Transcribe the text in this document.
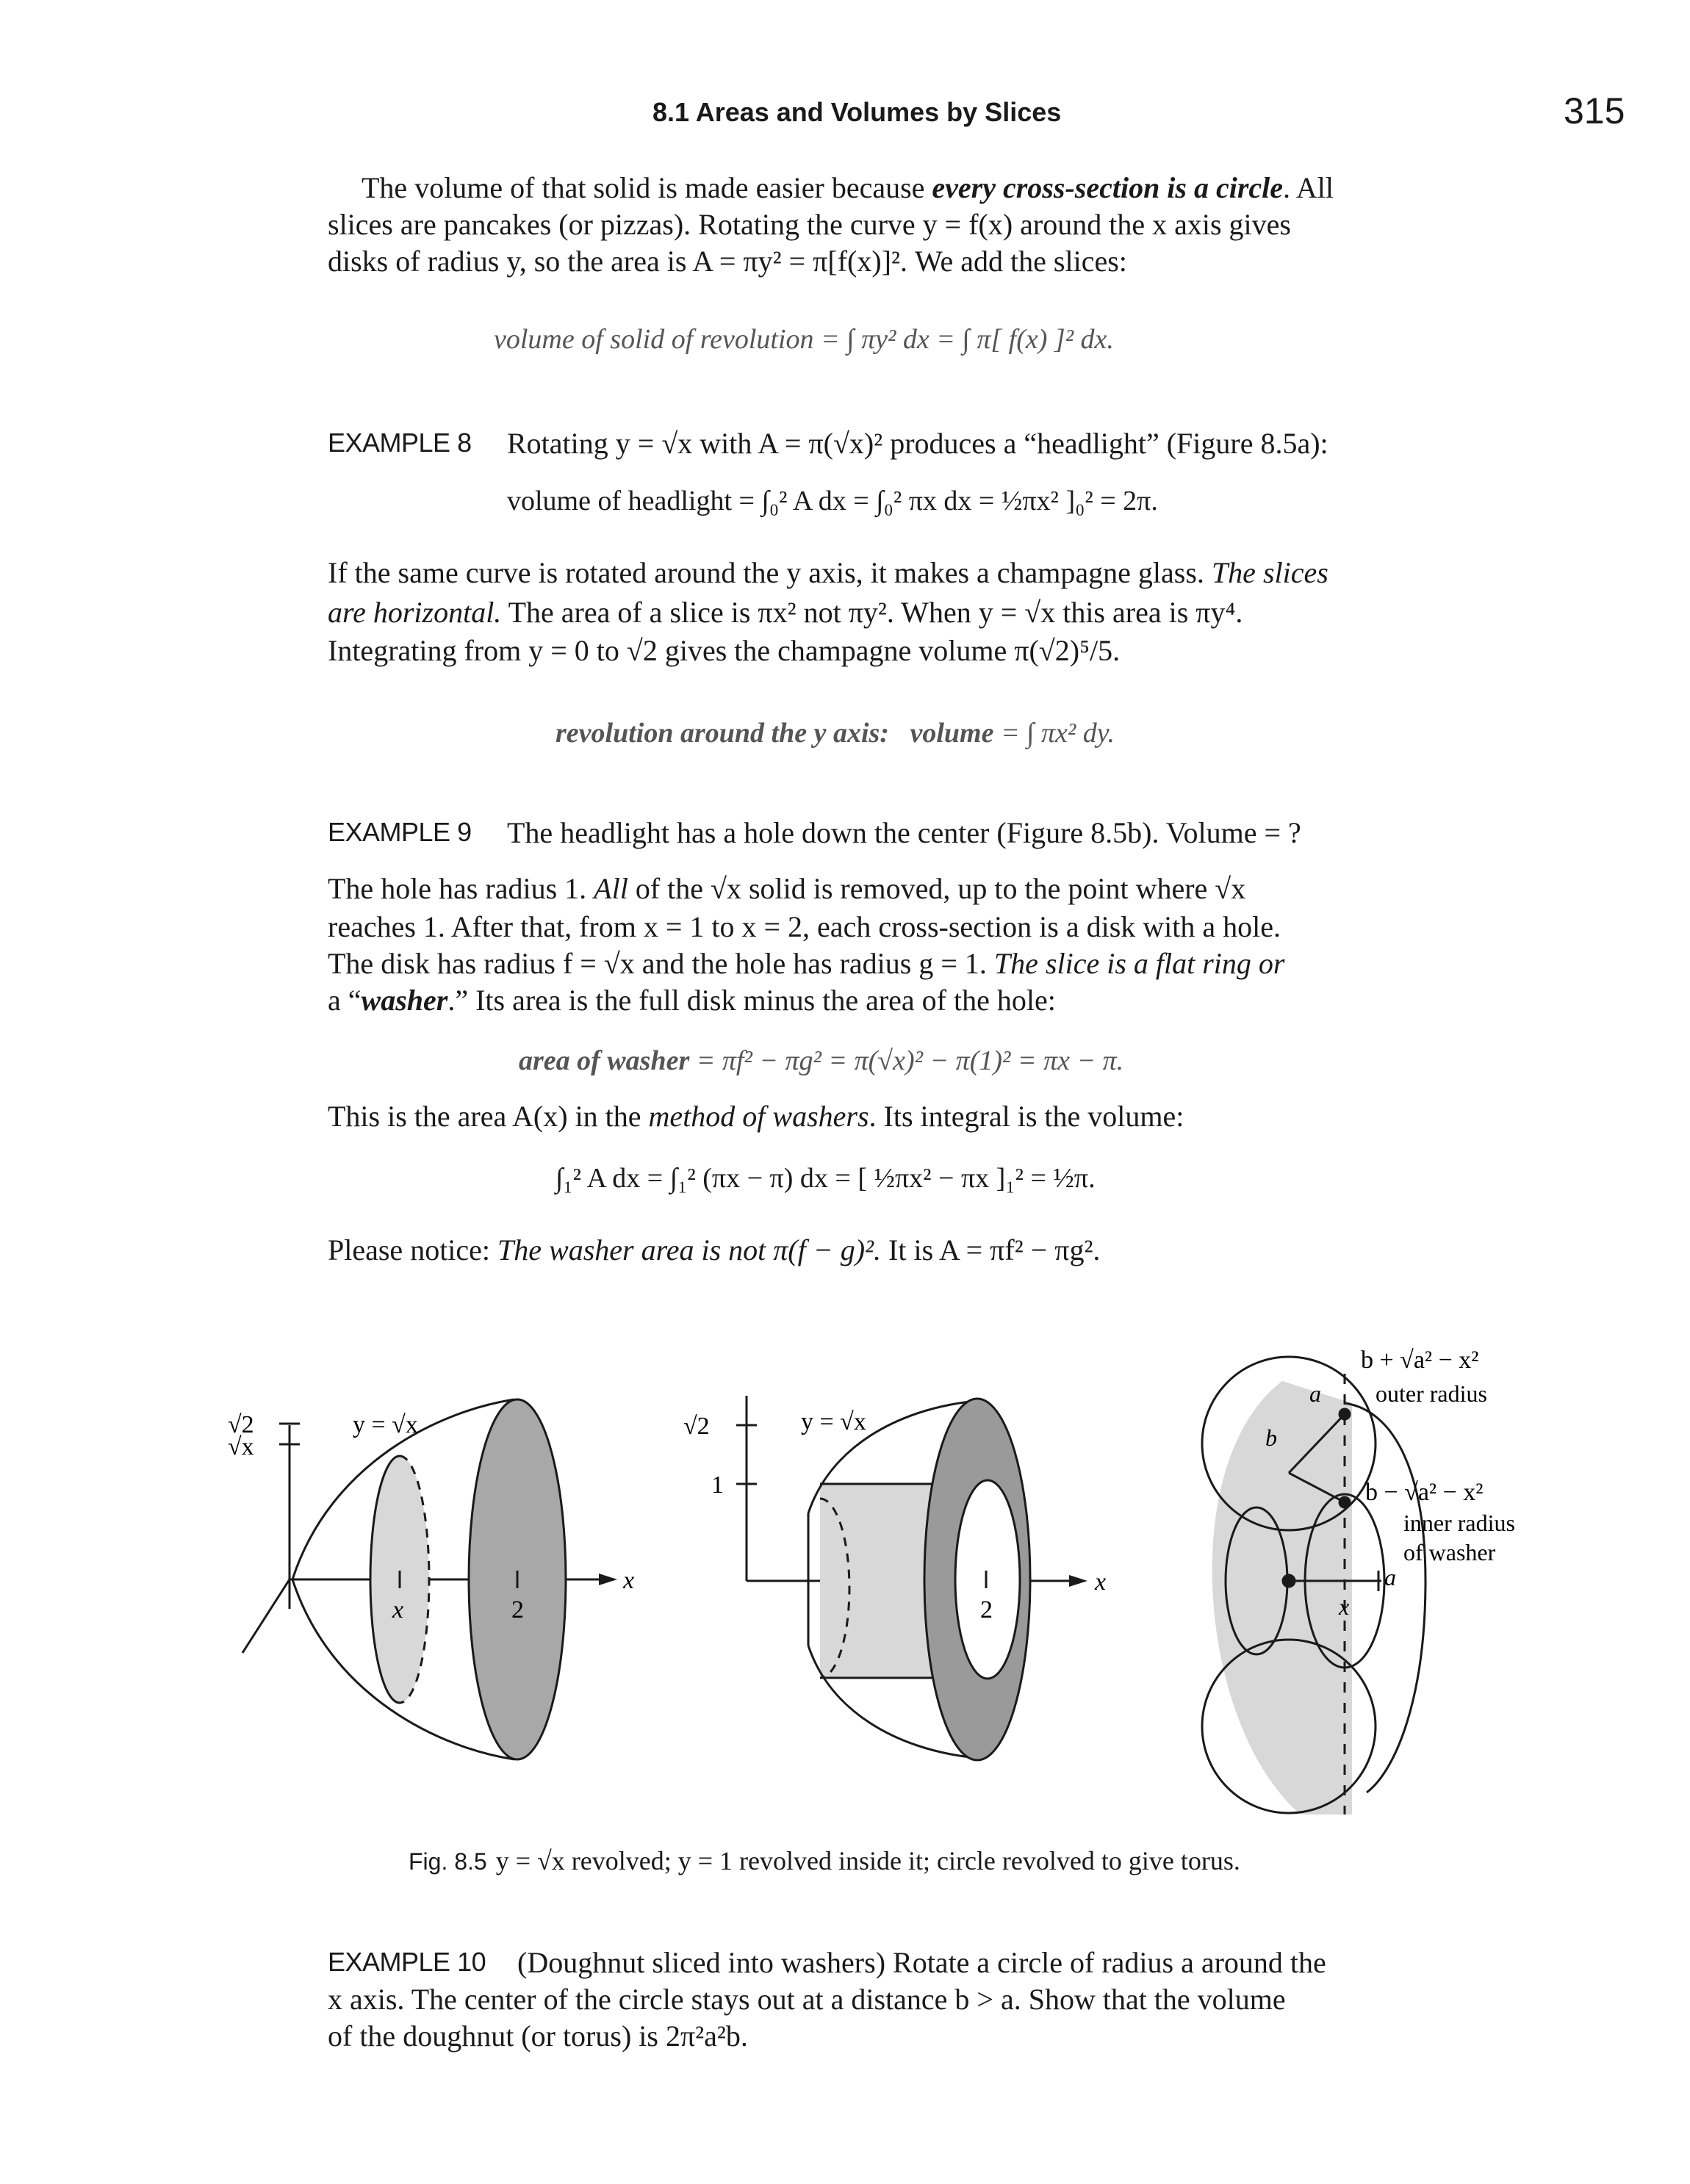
8.1 Areas and Volumes by Slices	315
The volume of that solid is made easier because every cross-section is a circle. All
slices are pancakes (or pizzas). Rotating the curve y = f(x) around the x axis gives
disks of radius y, so the area is A = πy² = π[f(x)]². We add the slices:
volume of solid of revolution = ∫ πy² dx = ∫ π[ f(x) ]² dx.
EXAMPLE 8 Rotating y = √x with A = π(√x)² produces a “headlight” (Figure 8.5a):
volume of headlight = ∫₀² A dx = ∫₀² πx dx = ½πx² ]₀² = 2π.
If the same curve is rotated around the y axis, it makes a champagne glass. The slices
are horizontal. The area of a slice is πx² not πy². When y = √x this area is πy⁴.
Integrating from y = 0 to √2 gives the champagne volume π(√2)⁵/5.
revolution around the y axis: volume = ∫ πx² dy.
EXAMPLE 9 The headlight has a hole down the center (Figure 8.5b). Volume = ?
The hole has radius 1. All of the √x solid is removed, up to the point where √x
reaches 1. After that, from x = 1 to x = 2, each cross-section is a disk with a hole.
The disk has radius f = √x and the hole has radius g = 1. The slice is a flat ring or
a “washer.” Its area is the full disk minus the area of the hole:
area of washer = πf² − πg² = π(√x)² − π(1)² = πx − π.
This is the area A(x) in the method of washers. Its integral is the volume:
∫₁² A dx = ∫₁² (πx − π) dx = [ ½πx² − πx ]₁² = ½π.
Please notice: The washer area is not π(f − g)². It is A = πf² − πg².
√2
√x
y = √x
x	2
x
√2
1
y = √x
2
x
b + √a² − x²
outer radius
b − √a² − x²
inner radius
of washer
a
b
x
a
Fig. 8.5 y = √x revolved; y = 1 revolved inside it; circle revolved to give torus.
EXAMPLE 10 (Doughnut sliced into washers) Rotate a circle of radius a around the
x axis. The center of the circle stays out at a distance b > a. Show that the volume
of the doughnut (or torus) is 2π²a²b.
